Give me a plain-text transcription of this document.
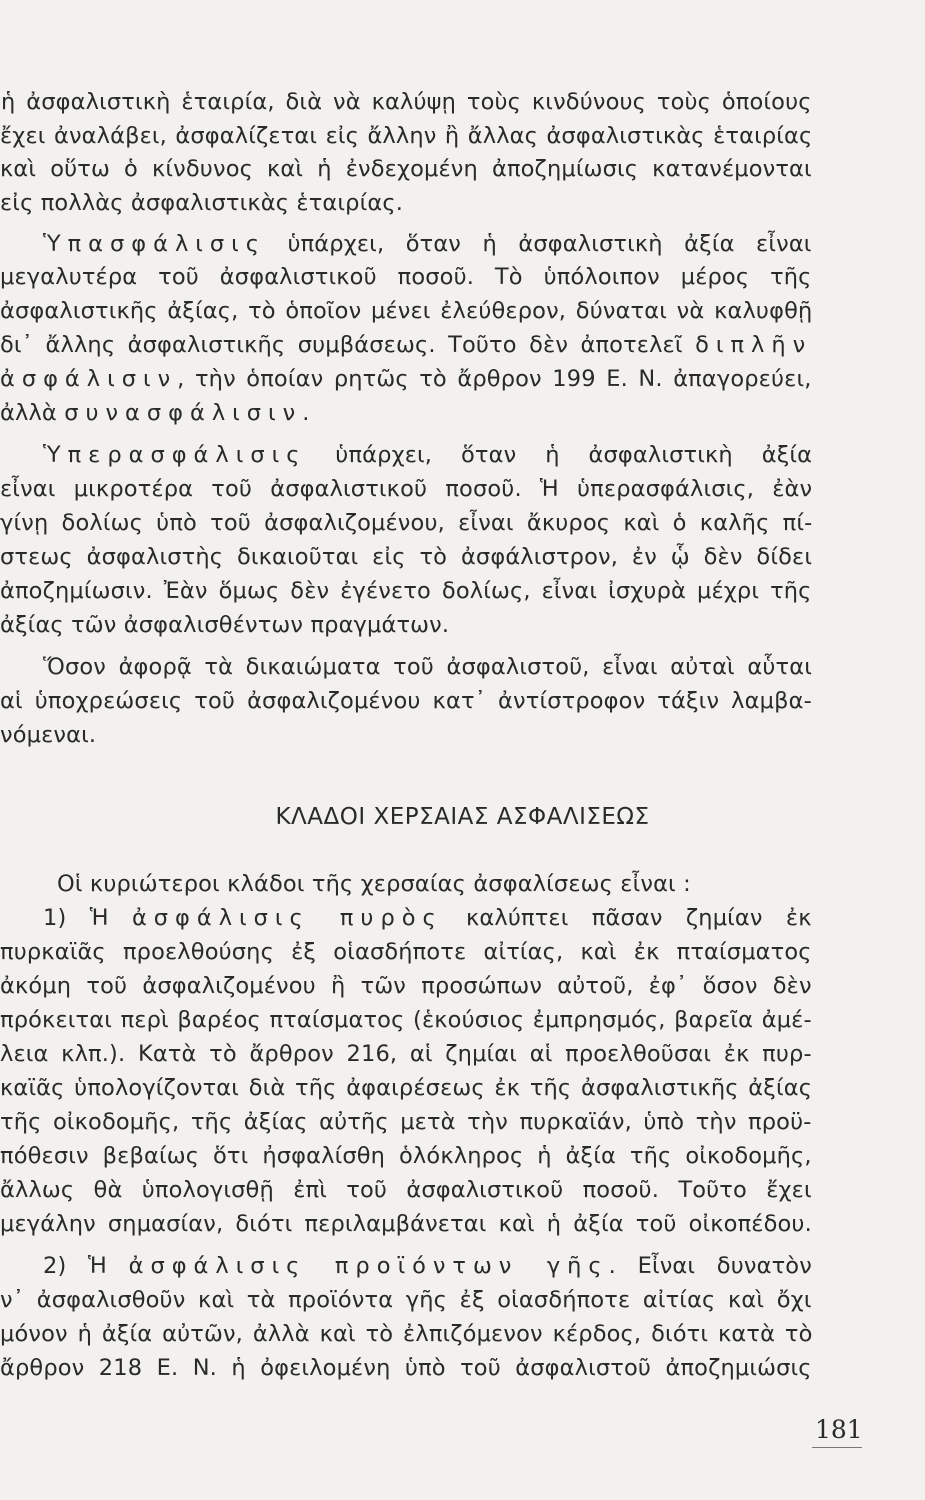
ἡ ἀσφαλιστικὴ ἑταιρία, διὰ νὰ καλύψῃ τοὺς κινδύνους τοὺς ὁποίους
ἔχει ἀναλάβει, ἀσφαλίζεται εἰς ἄλλην ἢ ἄλλας ἀσφαλιστικὰς ἑταιρίας
καὶ οὕτω ὁ κίνδυνος καὶ ἡ ἐνδεχομένη ἀποζημίωσις κατανέμονται
εἰς πολλὰς ἀσφαλιστικὰς ἑταιρίας.
Ὑπασφάλισις ὑπάρχει, ὅταν ἡ ἀσφαλιστικὴ ἀξία εἶναι
μεγαλυτέρα τοῦ ἀσφαλιστικοῦ ποσοῦ. Τὸ ὑπόλοιπον μέρος τῆς
ἀσφαλιστικῆς ἀξίας, τὸ ὁποῖον μένει ἐλεύθερον, δύναται νὰ καλυφθῇ
δι᾽ ἄλλης ἀσφαλιστικῆς συμβάσεως. Τοῦτο δὲν ἀποτελεῖ διπλῆν
ἀσφάλισιν, τὴν ὁποίαν ρητῶς τὸ ἄρθρον 199 Ε. Ν. ἀπαγορεύει,
ἀλλὰ συνασφάλισιν.
Ὑπερασφάλισις ὑπάρχει, ὅταν ἡ ἀσφαλιστικὴ ἀξία
εἶναι μικροτέρα τοῦ ἀσφαλιστικοῦ ποσοῦ. Ἡ ὑπερασφάλισις, ἐὰν
γίνῃ δολίως ὑπὸ τοῦ ἀσφαλιζομένου, εἶναι ἄκυρος καὶ ὁ καλῆς πί-
στεως ἀσφαλιστὴς δικαιοῦται εἰς τὸ ἀσφάλιστρον, ἐν ᾧ δὲν δίδει
ἀποζημίωσιν. Ἐὰν ὅμως δὲν ἐγένετο δολίως, εἶναι ἰσχυρὰ μέχρι τῆς
ἀξίας τῶν ἀσφαλισθέντων πραγμάτων.
Ὅσον ἀφορᾷ τὰ δικαιώματα τοῦ ἀσφαλιστοῦ, εἶναι αὐταὶ αὗται
αἱ ὑποχρεώσεις τοῦ ἀσφαλιζομένου κατ᾽ ἀντίστροφον τάξιν λαμβα-
νόμεναι.
Οἱ κυριώτεροι κλάδοι τῆς χερσαίας ἀσφαλίσεως εἶναι :
1) Ἡ ἀσφάλισις πυρὸς καλύπτει πᾶσαν ζημίαν ἐκ
πυρκαϊᾶς προελθούσης ἐξ οἱασδήποτε αἰτίας, καὶ ἐκ πταίσματος
ἀκόμη τοῦ ἀσφαλιζομένου ἢ τῶν προσώπων αὐτοῦ, ἐφ᾽ ὅσον δὲν
πρόκειται περὶ βαρέος πταίσματος (ἑκούσιος ἐμπρησμός, βαρεῖα ἀμέ-
λεια κλπ.). Κατὰ τὸ ἄρθρον 216, αἱ ζημίαι αἱ προελθοῦσαι ἐκ πυρ-
καϊᾶς ὑπολογίζονται διὰ τῆς ἀφαιρέσεως ἐκ τῆς ἀσφαλιστικῆς ἀξίας
τῆς οἰκοδομῆς, τῆς ἀξίας αὐτῆς μετὰ τὴν πυρκαϊάν, ὑπὸ τὴν προϋ-
πόθεσιν βεβαίως ὅτι ἠσφαλίσθη ὁλόκληρος ἡ ἀξία τῆς οἰκοδομῆς,
ἄλλως θὰ ὑπολογισθῇ ἐπὶ τοῦ ἀσφαλιστικοῦ ποσοῦ. Τοῦτο ἔχει
μεγάλην σημασίαν, διότι περιλαμβάνεται καὶ ἡ ἀξία τοῦ οἰκοπέδου.
2) Ἡ ἀσφάλισις προϊόντων γῆς. Εἶναι δυνατὸν
ν᾽ ἀσφαλισθοῦν καὶ τὰ προϊόντα γῆς ἐξ οἱασδήποτε αἰτίας καὶ ὄχι
μόνον ἡ ἀξία αὐτῶν, ἀλλὰ καὶ τὸ ἐλπιζόμενον κέρδος, διότι κατὰ τὸ
ἄρθρον 218 Ε. Ν. ἡ ὀφειλομένη ὑπὸ τοῦ ἀσφαλιστοῦ ἀποζημιώσις
ΚΛΑΔΟΙ ΧΕΡΣΑΙΑΣ ΑΣΦΑΛΙΣΕΩΣ
181
